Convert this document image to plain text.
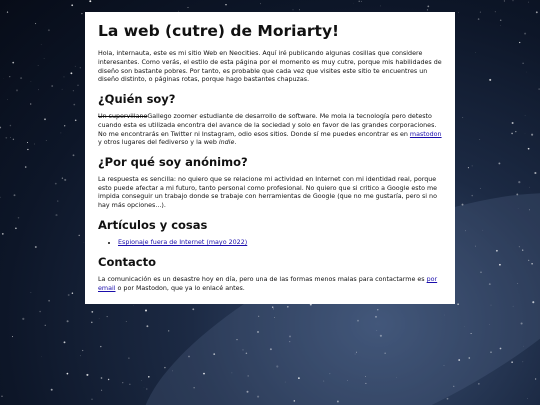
La web (cutre) de Moriarty!

Hola, internauta, este es mi sitio Web en Neocities. Aquí iré publicando algunas cosillas que considere interesantes. Como verás, el estilo de esta página por el momento es muy cutre, porque mis habilidades de diseño son bastante pobres. Por tanto, es probable que cada vez que visites este sitio te encuentres un diseño distinto, o páginas rotas, porque hago bastantes chapuzas.

¿Quién soy?

Un supervillanoGallego zoomer estudiante de desarrollo de software. Me mola la tecnología pero detesto cuando esta es utilizada encontra del avance de la sociedad y solo en favor de las grandes corporaciones. No me encontrarás en Twitter ni Instagram, odio esos sitios. Donde sí me puedes encontrar es en mastodon y otros lugares del fediverso y la web indie.

¿Por qué soy anónimo?

La respuesta es sencilla: no quiero que se relacione mi actividad en Internet con mi identidad real, porque esto puede afectar a mi futuro, tanto personal como profesional. No quiero que si critico a Google esto me impida conseguir un trabajo donde se trabaje con herramientas de Google (que no me gustaría, pero si no hay más opciones...).

Artículos y cosas
• Espionaje fuera de Internet (mayo 2022)
Contacto

La comunicación es un desastre hoy en día, pero una de las formas menos malas para contactarme es por email o por Mastodon, que ya lo enlacé antes.
